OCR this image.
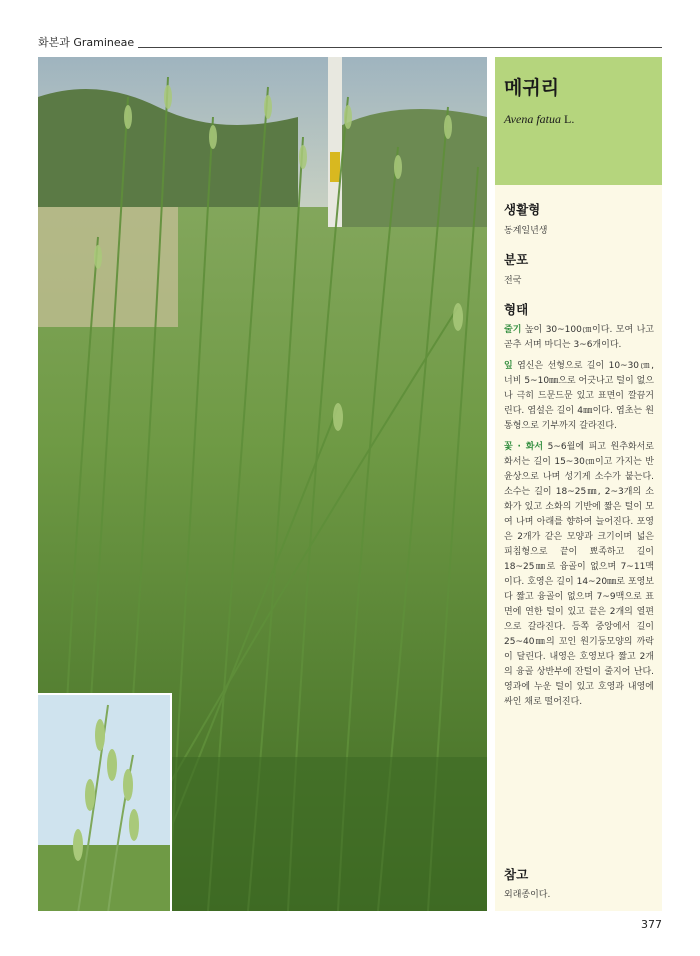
화본과 Gramineae
메귀리
Avena fatua L.
생활형
동계일년생
분포
전국
형태

줄기 높이 30~100㎝이다. 모여 나고 곧추 서며 마디는 3~6개이다.

잎 엽신은 선형으로 길이 10~30㎝, 너비 5~10㎜으로 어긋나고 털이 없으나 극히 드문드문 있고 표면이 깔끔거린다. 엽설은 길이 4㎜이다. 엽초는 원통형으로 기부까지 갈라진다.

꽃 · 화서 5~6월에 피고 원추화서로 화서는 길이 15~30㎝이고 가지는 반윤상으로 나며 성기게 소수가 붙는다. 소수는 길이 18~25㎜, 2~3개의 소화가 있고 소화의 기반에 짧은 털이 모여 나며 아래를 향하여 늘어진다. 포영은 2개가 같은 모양과 크기이며 넓은 피침형으로 끝이 뾰족하고 길이 18~25㎜로 융골이 없으며 7~11맥이다. 호영은 길이 14~20㎜로 포영보다 짧고 융골이 없으며 7~9맥으로 표면에 연한 털이 있고 끝은 2개의 열편으로 갈라진다. 등쪽 중앙에서 길이 25~40㎜의 꼬인 원기둥모양의 까락이 달린다. 내영은 호영보다 짧고 2개의 융골 상반부에 잔털이 줄지어 난다. 영과에 누운 털이 있고 호영과 내영에 싸인 채로 떨어진다.

참고
외래종이다.
377
